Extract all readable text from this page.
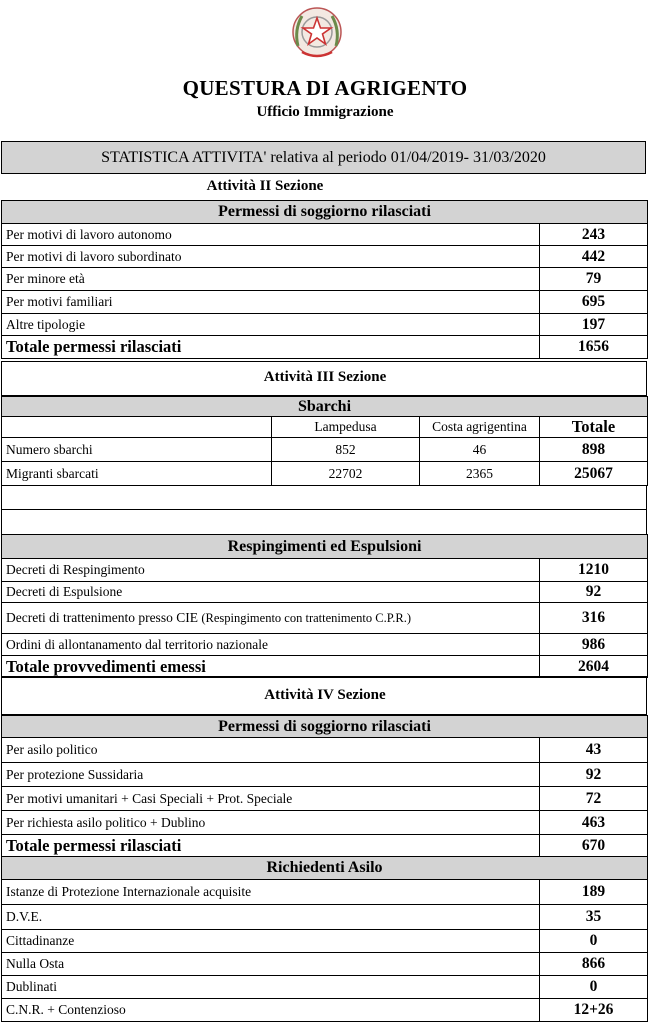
QUESTURA DI AGRIGENTO
Ufficio Immigrazione
STATISTICA ATTIVITA' relativa al periodo 01/04/2019- 31/03/2020
Attività II Sezione
Permessi di soggiorno rilasciati	
Per motivi di lavoro autonomo	243
Per motivi di lavoro subordinato	442
Per minore età	79
Per motivi familiari	695
Altre tipologie	197
Totale permessi rilasciati	1656
Attività III Sezione
Sbarchi			
	Lampedusa	Costa agrigentina	Totale
Numero sbarchi	852	46	898
Migranti sbarcati	22702	2365	25067
Respingimenti ed Espulsioni	
Decreti di Respingimento	1210
Decreti di Espulsione	92
Decreti di trattenimento presso CIE (Respingimento con trattenimento C.P.R.)	316
Ordini di allontanamento dal territorio nazionale	986
Totale provvedimenti emessi	2604
Attività IV Sezione
Permessi di soggiorno rilasciati	
Per asilo politico	43
Per protezione Sussidaria	92
Per motivi umanitari + Casi Speciali + Prot. Speciale	72
Per richiesta asilo politico + Dublino	463
Totale permessi rilasciati	670
Richiedenti Asilo	
Istanze di Protezione Internazionale acquisite	189
D.V.E.	35
Cittadinanze	0
Nulla Osta	866
Dublinati	0
C.N.R. + Contenzioso	12+26
